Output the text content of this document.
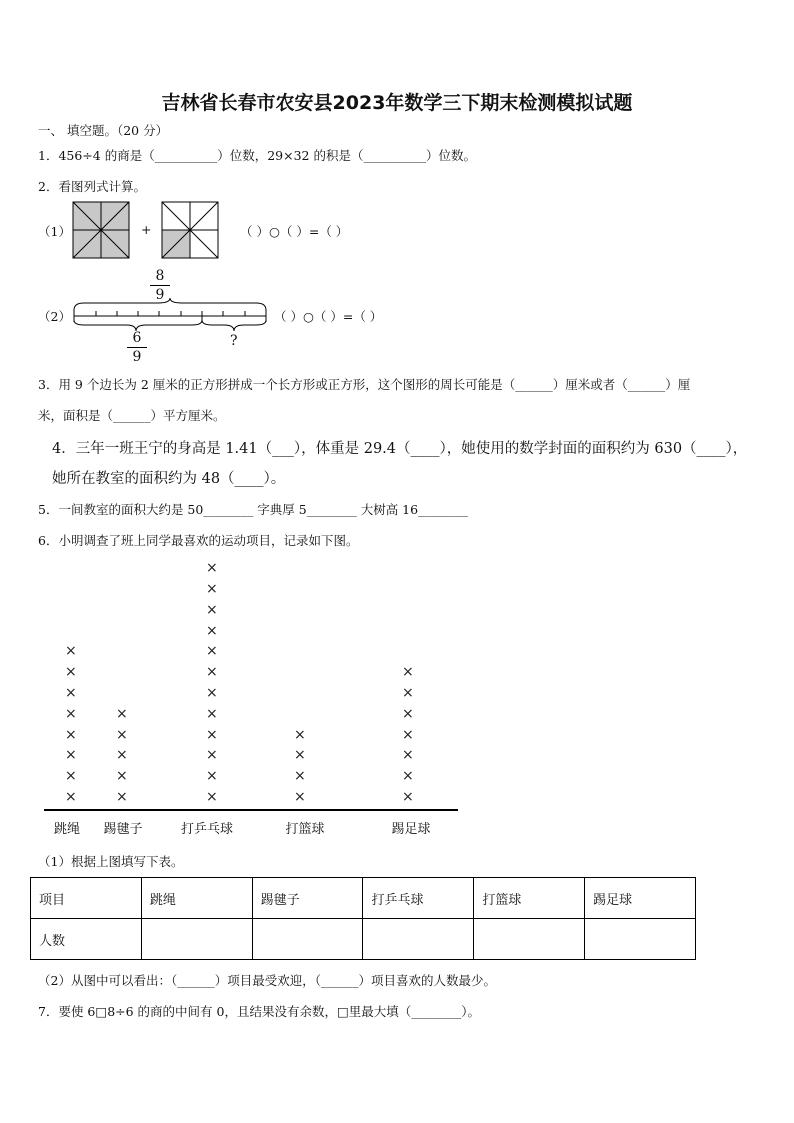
吉林省长春市农安县2023年数学三下期末检测模拟试题
一、 填空题。（20 分）
1．456÷4 的商是（__________）位数，29×32 的积是（__________）位数。
2．看图列式计算。
（1）	+	（ ）○（ ）=（ ）
8
9
（2）	（ ）○（ ）=（ ）
6
9
?
3．用 9 个边长为 2 厘米的正方形拼成一个长方形或正方形，这个图形的周长可能是（______）厘米或者（______）厘
米，面积是（______）平方厘米。
4．三年一班王宁的身高是 1.41（___），体重是 29.4（____），她使用的数学封面的面积约为 630（____），
她所在教室的面积约为 48（____）。
5．一间教室的面积大约是 50________ 字典厚 5________ 大树高 16________
6．小明调查了班上同学最喜欢的运动项目，记录如下图。
×
×
×
×
×
×
×
×
跳绳
×
×
×
×
×
踢毽子
×
×
×
×
×
×
×
×
×
×
×
×
打乒乓球
×
×
×
×
打篮球
×
×
×
×
×
×
×
踢足球
（1）根据上图填写下表。
项目	跳绳	踢毽子	打乒乓球	打篮球	踢足球
人数					
（2）从图中可以看出：（______）项目最受欢迎，（______）项目喜欢的人数最少。
7．要使 6□8÷6 的商的中间有 0，且结果没有余数，□里最大填（________）。
